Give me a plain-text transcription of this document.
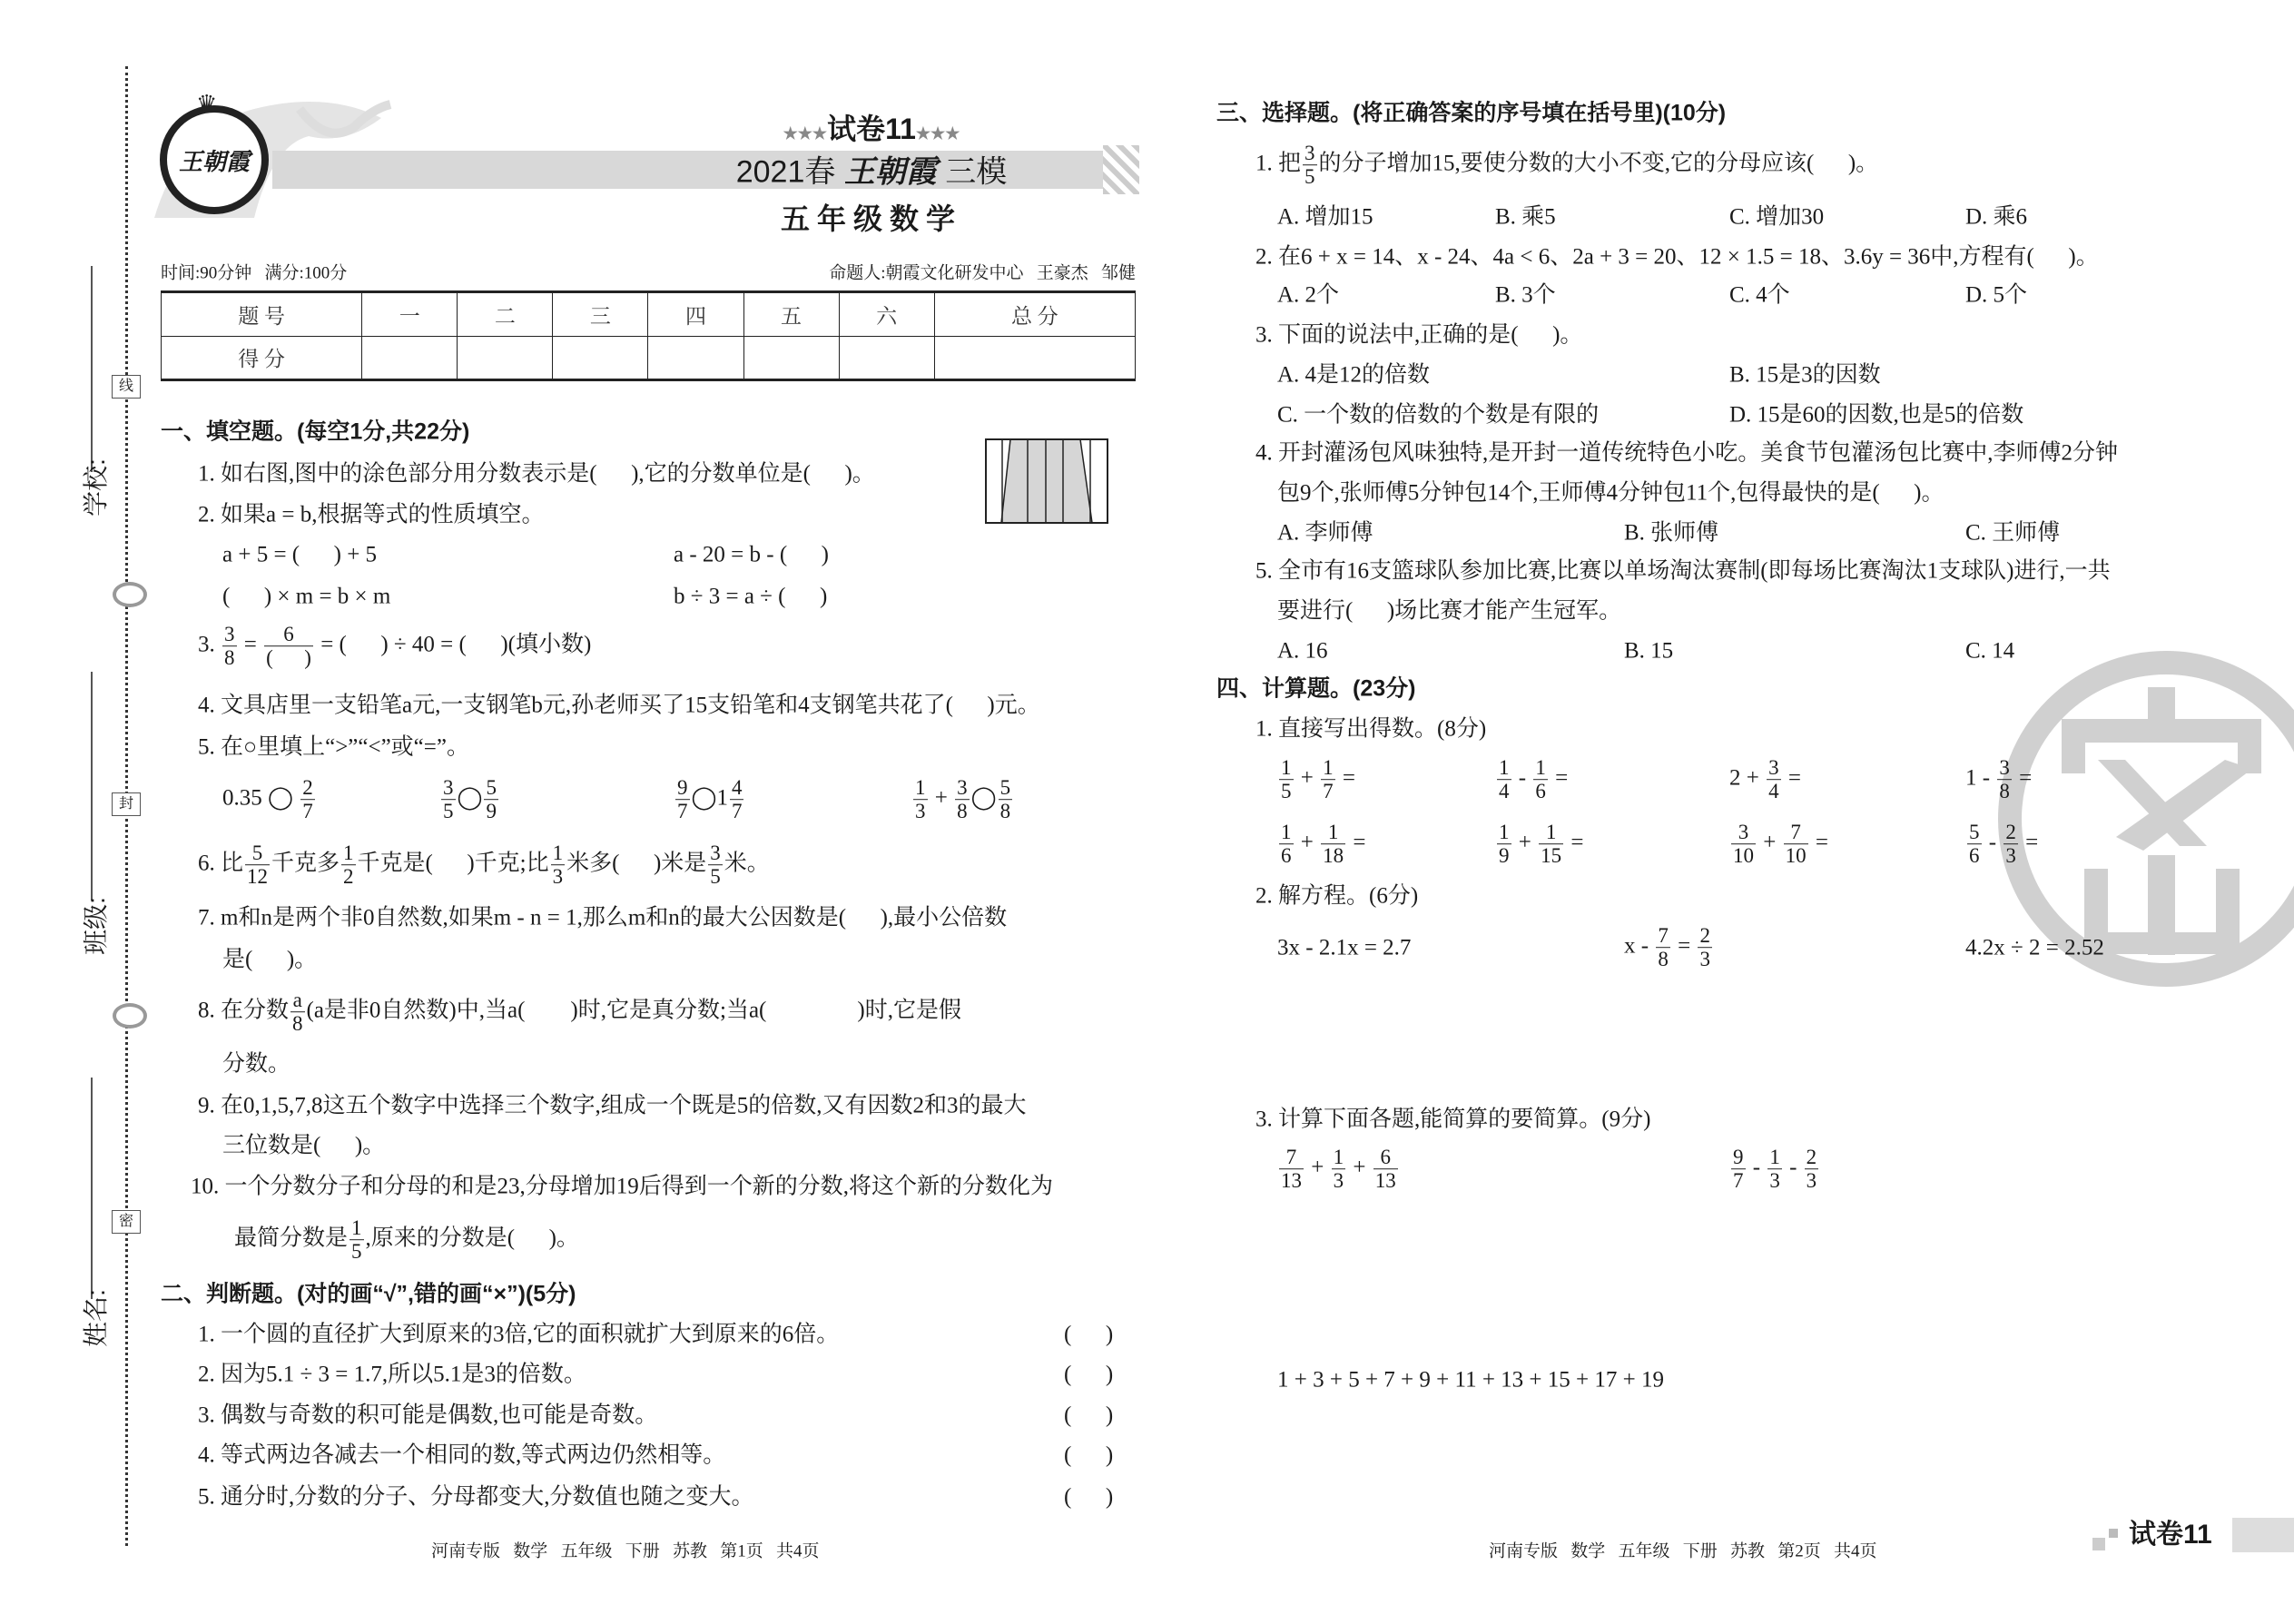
学校:
班级:
姓名:
线
封
密
王朝霞
♛
★★★试卷11★★★
2021春 王朝霞 三模
五年级数学
时间:90分钟   满分:100分	命题人:朝霞文化研发中心   王豪杰   邹健
题 号	一	二	三	四	五	六	总 分
得 分							
一、填空题。(每空1分,共22分)
1. 如右图,图中的涂色部分用分数表示是(      ),它的分数单位是(      )。
2. 如果a = b,根据等式的性质填空。
a + 5 = (      ) + 5	a - 20 = b - (      )
(      ) × m = b × m	b ÷ 3 = a ÷ (      )
3. $\frac{3}{8} = 6$
(      )
= (      ) ÷ 40 = (      )(填小数)
4. 文具店里一支铅笔a元,一支钢笔b元,孙老师买了15支铅笔和4支钢笔共花了(      )元。
5. 在○里填上“>”“<”或“=”。
0.35 ◯ $\frac{2}{7}$	$\frac{3}{5}$ ◯ $\frac{5}{9}$	$\frac{9}{7}$ ◯1 $\frac{4}{7}$	$\frac{1}{3} + \frac{3}{8}$ ◯ $\frac{5}{8}$
6. 比 $\frac{5}{12}$ 千克多 $\frac{1}{2}$ 千克是(      )千克;比 $\frac{1}{3}$ 米多(      )米是 $\frac{3}{5}$ 米。
7. m和n是两个非0自然数,如果m - n = 1,那么m和n的最大公因数是(      ),最小公倍数
是(      )。
8. 在分数 $\frac{a}{8} (a$是非0自然数)中,当a(        )时,它是真分数;当a(                )时,它是假
分数。
9. 在0,1,5,7,8这五个数字中选择三个数字,组成一个既是5的倍数,又有因数2和3的最大
三位数是(      )。
10. 一个分数分子和分母的和是23,分母增加19后得到一个新的分数,将这个新的分数化为
最简分数是 $\frac{1}{5}$ ,原来的分数是(      )。
二、判断题。(对的画“√”,错的画“×”)(5分)
1. 一个圆的直径扩大到原来的3倍,它的面积就扩大到原来的6倍。
2. 因为5.1 ÷ 3 = 1.7,所以5.1是3的倍数。
3. 偶数与奇数的积可能是偶数,也可能是奇数。
4. 等式两边各减去一个相同的数,等式两边仍然相等。
5. 通分时,分数的分子、分母都变大,分数值也随之变大。
(      )
(      )
(      )
(      )
(      )
河南专版   数学   五年级   下册   苏教   第1页   共4页
三、选择题。(将正确答案的序号填在括号里)(10分)
1. 把 $\frac{3}{5}$ 的分子增加15,要使分数的大小不变,它的分母应该(      )。
A. 增加15	B. 乘5	C. 增加30	D. 乘6
2. 在6 + x = 14、x - 24、4a < 6、2a + 3 = 20、12 × 1.5 = 18、3.6y = 36中,方程有(      )。
A. 2个	B. 3个	C. 4个	D. 5个
3. 下面的说法中,正确的是(      )。
A. 4是12的倍数	B. 15是3的因数
C. 一个数的倍数的个数是有限的	D. 15是60的因数,也是5的倍数
4. 开封灌汤包风味独特,是开封一道传统特色小吃。美食节包灌汤包比赛中,李师傅2分钟
包9个,张师傅5分钟包14个,王师傅4分钟包11个,包得最快的是(      )。
A. 李师傅	B. 张师傅	C. 王师傅
5. 全市有16支篮球队参加比赛,比赛以单场淘汰赛制(即每场比赛淘汰1支球队)进行,一共
要进行(      )场比赛才能产生冠军。
A. 16	B. 15	C. 14
四、计算题。(23分)
1. 直接写出得数。(8分)
$\frac{1}{5} + \frac{1}{7}$ =	$\frac{1}{4} - \frac{1}{6}$ =	$2 + \frac{3}{4}$ =	$1 - \frac{3}{8}$ =
$\frac{1}{6} + \frac{1}{18}$ =	$\frac{1}{9} + \frac{1}{15}$ =	$\frac{3}{10} + \frac{7}{10}$ =	$\frac{5}{6} - \frac{2}{3}$ =
2. 解方程。(6分)
3x - 2.1x = 2.7	$x - \frac{7}{8} = \frac{2}{3}$	4.2x ÷ 2 = 2.52
3. 计算下面各题,能简算的要简算。(9分)
$\frac{7}{13} + \frac{1}{3} + \frac{6}{13}$	$\frac{9}{7} - \frac{1}{3} - \frac{2}{3}$
1 + 3 + 5 + 7 + 9 + 11 + 13 + 15 + 17 + 19
河南专版   数学   五年级   下册   苏教   第2页   共4页
试卷11
